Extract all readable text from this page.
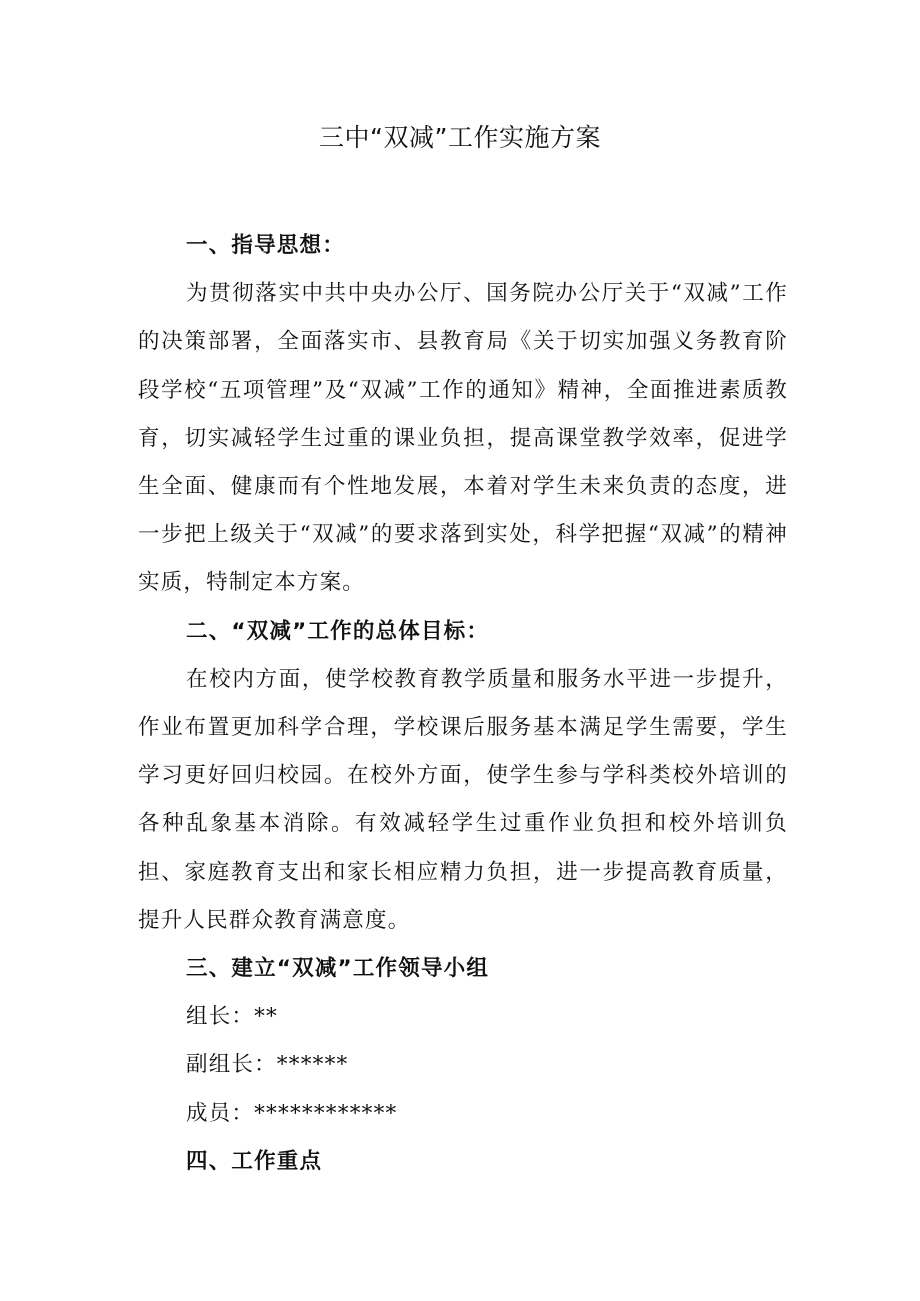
三中“双减”工作实施方案

一、指导思想：

为贯彻落实中共中央办公厅、国务院办公厅关于“双减”工作的决策部署，全面落实市、县教育局《关于切实加强义务教育阶段学校“五项管理”及“双减”工作的通知》精神，全面推进素质教育，切实减轻学生过重的课业负担，提高课堂教学效率，促进学生全面、健康而有个性地发展，本着对学生未来负责的态度，进一步把上级关于“双减”的要求落到实处，科学把握“双减”的精神实质，特制定本方案。

二、“双减”工作的总体目标：

在校内方面，使学校教育教学质量和服务水平进一步提升，作业布置更加科学合理，学校课后服务基本满足学生需要，学生学习更好回归校园。在校外方面，使学生参与学科类校外培训的各种乱象基本消除。有效减轻学生过重作业负担和校外培训负担、家庭教育支出和家长相应精力负担，进一步提高教育质量，提升人民群众教育满意度。

三、建立“双减”工作领导小组

组长：**

副组长：******

成员：************

四、工作重点
